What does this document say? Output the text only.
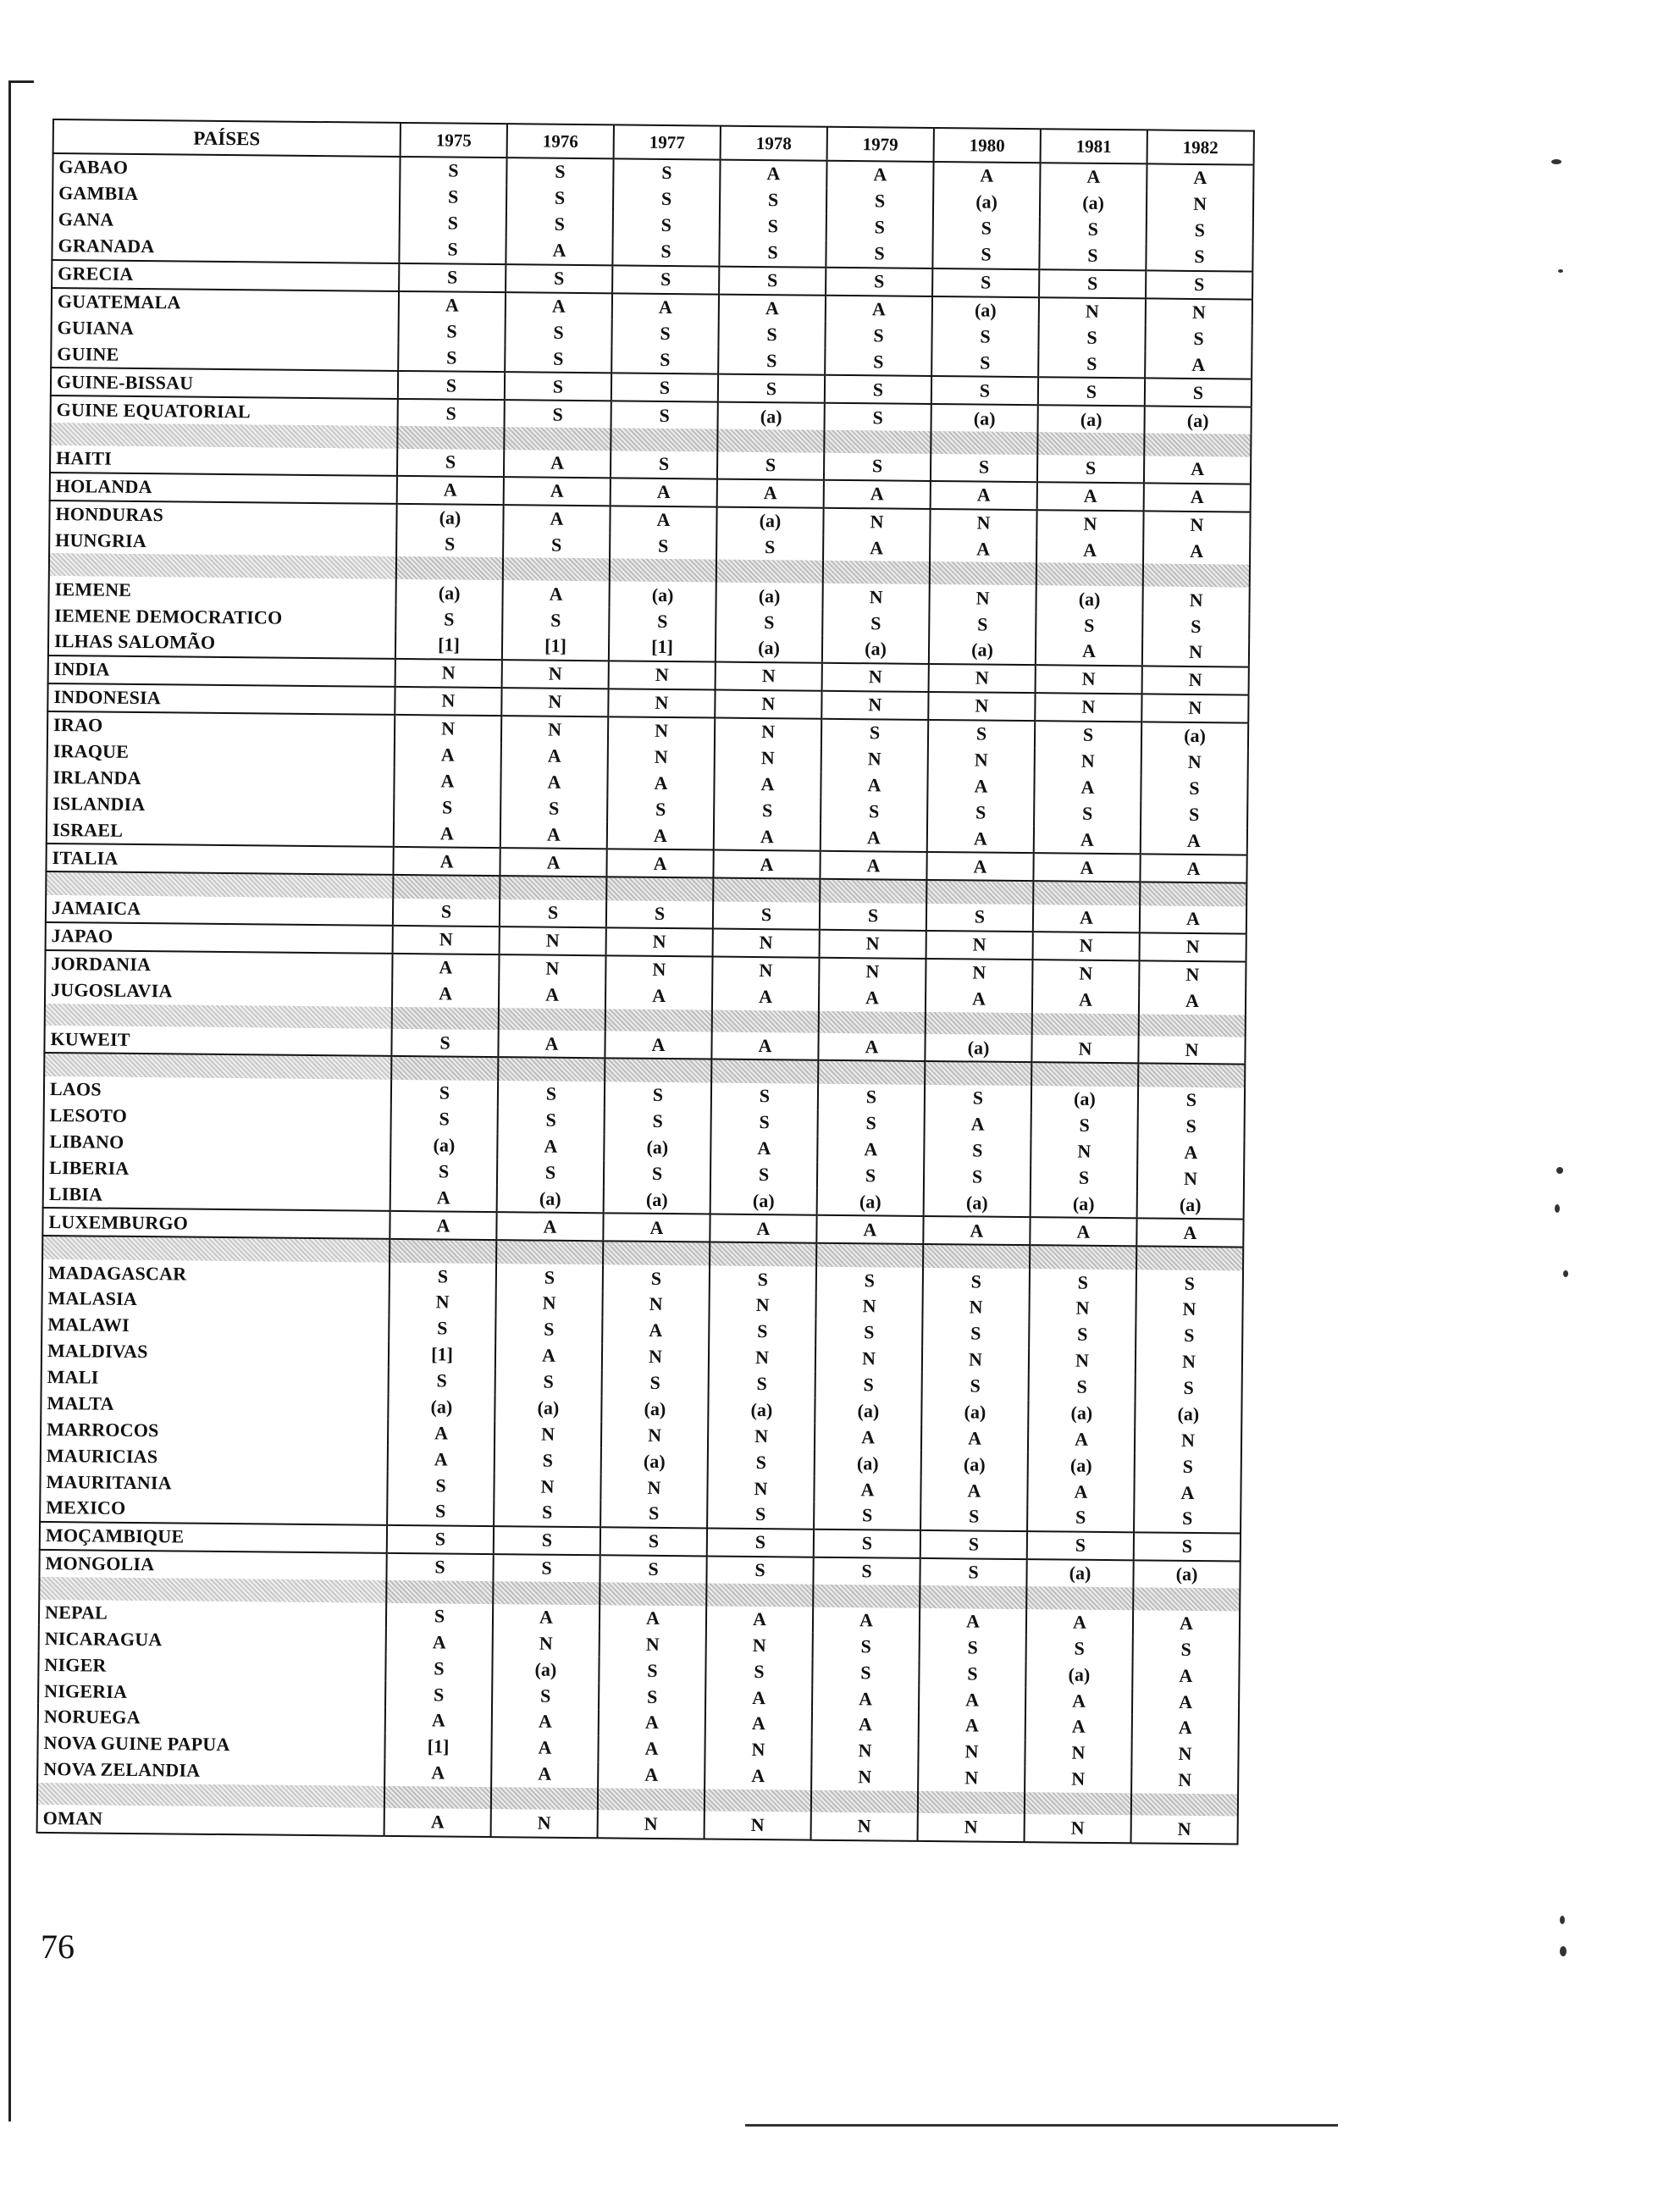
PAÍSES	1975	1976	1977	1978	1979	1980	1981	1982
GABAO	S	S	S	A	A	A	A	A
GAMBIA	S	S	S	S	S	(a)	(a)	N
GANA	S	S	S	S	S	S	S	S
GRANADA	S	A	S	S	S	S	S	S
GRECIA	S	S	S	S	S	S	S	S
GUATEMALA	A	A	A	A	A	(a)	N	N
GUIANA	S	S	S	S	S	S	S	S
GUINE	S	S	S	S	S	S	S	A
GUINE-BISSAU	S	S	S	S	S	S	S	S
GUINE EQUATORIAL	S	S	S	(a)	S	(a)	(a)	(a)

HAITI	S	A	S	S	S	S	S	A
HOLANDA	A	A	A	A	A	A	A	A
HONDURAS	(a)	A	A	(a)	N	N	N	N
HUNGRIA	S	S	S	S	A	A	A	A

IEMENE	(a)	A	(a)	(a)	N	N	(a)	N
IEMENE DEMOCRATICO	S	S	S	S	S	S	S	S
ILHAS SALOMÃO	[1]	[1]	[1]	(a)	(a)	(a)	A	N
INDIA	N	N	N	N	N	N	N	N
INDONESIA	N	N	N	N	N	N	N	N
IRAO	N	N	N	N	S	S	S	(a)
IRAQUE	A	A	N	N	N	N	N	N
IRLANDA	A	A	A	A	A	A	A	S
ISLANDIA	S	S	S	S	S	S	S	S
ISRAEL	A	A	A	A	A	A	A	A
ITALIA	A	A	A	A	A	A	A	A

JAMAICA	S	S	S	S	S	S	A	A
JAPAO	N	N	N	N	N	N	N	N
JORDANIA	A	N	N	N	N	N	N	N
JUGOSLAVIA	A	A	A	A	A	A	A	A

KUWEIT	S	A	A	A	A	(a)	N	N

LAOS	S	S	S	S	S	S	(a)	S
LESOTO	S	S	S	S	S	A	S	S
LIBANO	(a)	A	(a)	A	A	S	N	A
LIBERIA	S	S	S	S	S	S	S	N
LIBIA	A	(a)	(a)	(a)	(a)	(a)	(a)	(a)
LUXEMBURGO	A	A	A	A	A	A	A	A

MADAGASCAR	S	S	S	S	S	S	S	S
MALASIA	N	N	N	N	N	N	N	N
MALAWI	S	S	A	S	S	S	S	S
MALDIVAS	[1]	A	N	N	N	N	N	N
MALI	S	S	S	S	S	S	S	S
MALTA	(a)	(a)	(a)	(a)	(a)	(a)	(a)	(a)
MARROCOS	A	N	N	N	A	A	A	N
MAURICIAS	A	S	(a)	S	(a)	(a)	(a)	S
MAURITANIA	S	N	N	N	A	A	A	A
MEXICO	S	S	S	S	S	S	S	S
MOÇAMBIQUE	S	S	S	S	S	S	S	S
MONGOLIA	S	S	S	S	S	S	(a)	(a)

NEPAL	S	A	A	A	A	A	A	A
NICARAGUA	A	N	N	N	S	S	S	S
NIGER	S	(a)	S	S	S	S	(a)	A
NIGERIA	S	S	S	A	A	A	A	A
NORUEGA	A	A	A	A	A	A	A	A
NOVA GUINE PAPUA	[1]	A	A	N	N	N	N	N
NOVA ZELANDIA	A	A	A	A	N	N	N	N

OMAN	A	N	N	N	N	N	N	N
76
